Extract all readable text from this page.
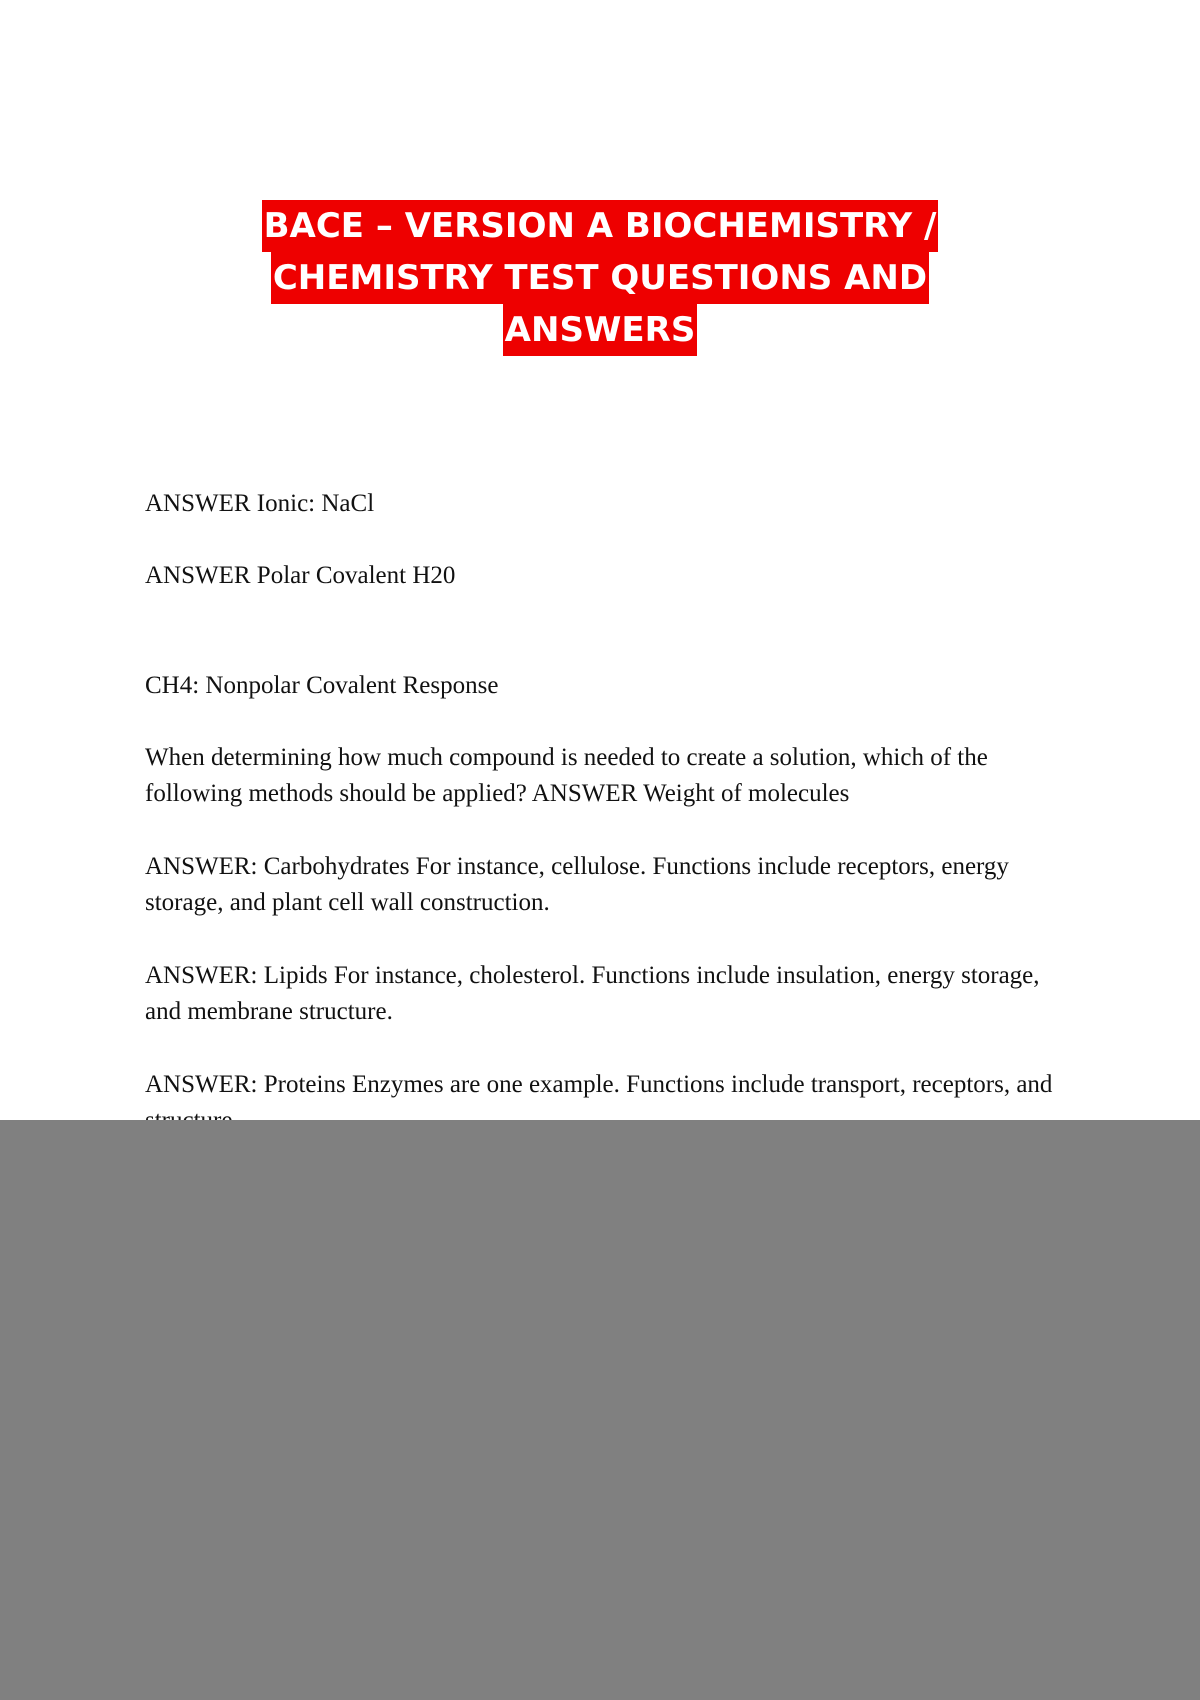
BACE – VERSION A BIOCHEMISTRY /
CHEMISTRY TEST QUESTIONS AND
ANSWERS

ANSWER Ionic: NaCl

ANSWER Polar Covalent H20

CH4: Nonpolar Covalent Response

When determining how much compound is needed to create a solution, which of the following methods should be applied? ANSWER Weight of molecules

ANSWER: Carbohydrates For instance, cellulose. Functions include receptors, energy storage, and plant cell wall construction.

ANSWER: Lipids For instance, cholesterol. Functions include insulation, energy storage, and membrane structure.

ANSWER: Proteins Enzymes are one example. Functions include transport, receptors, and
